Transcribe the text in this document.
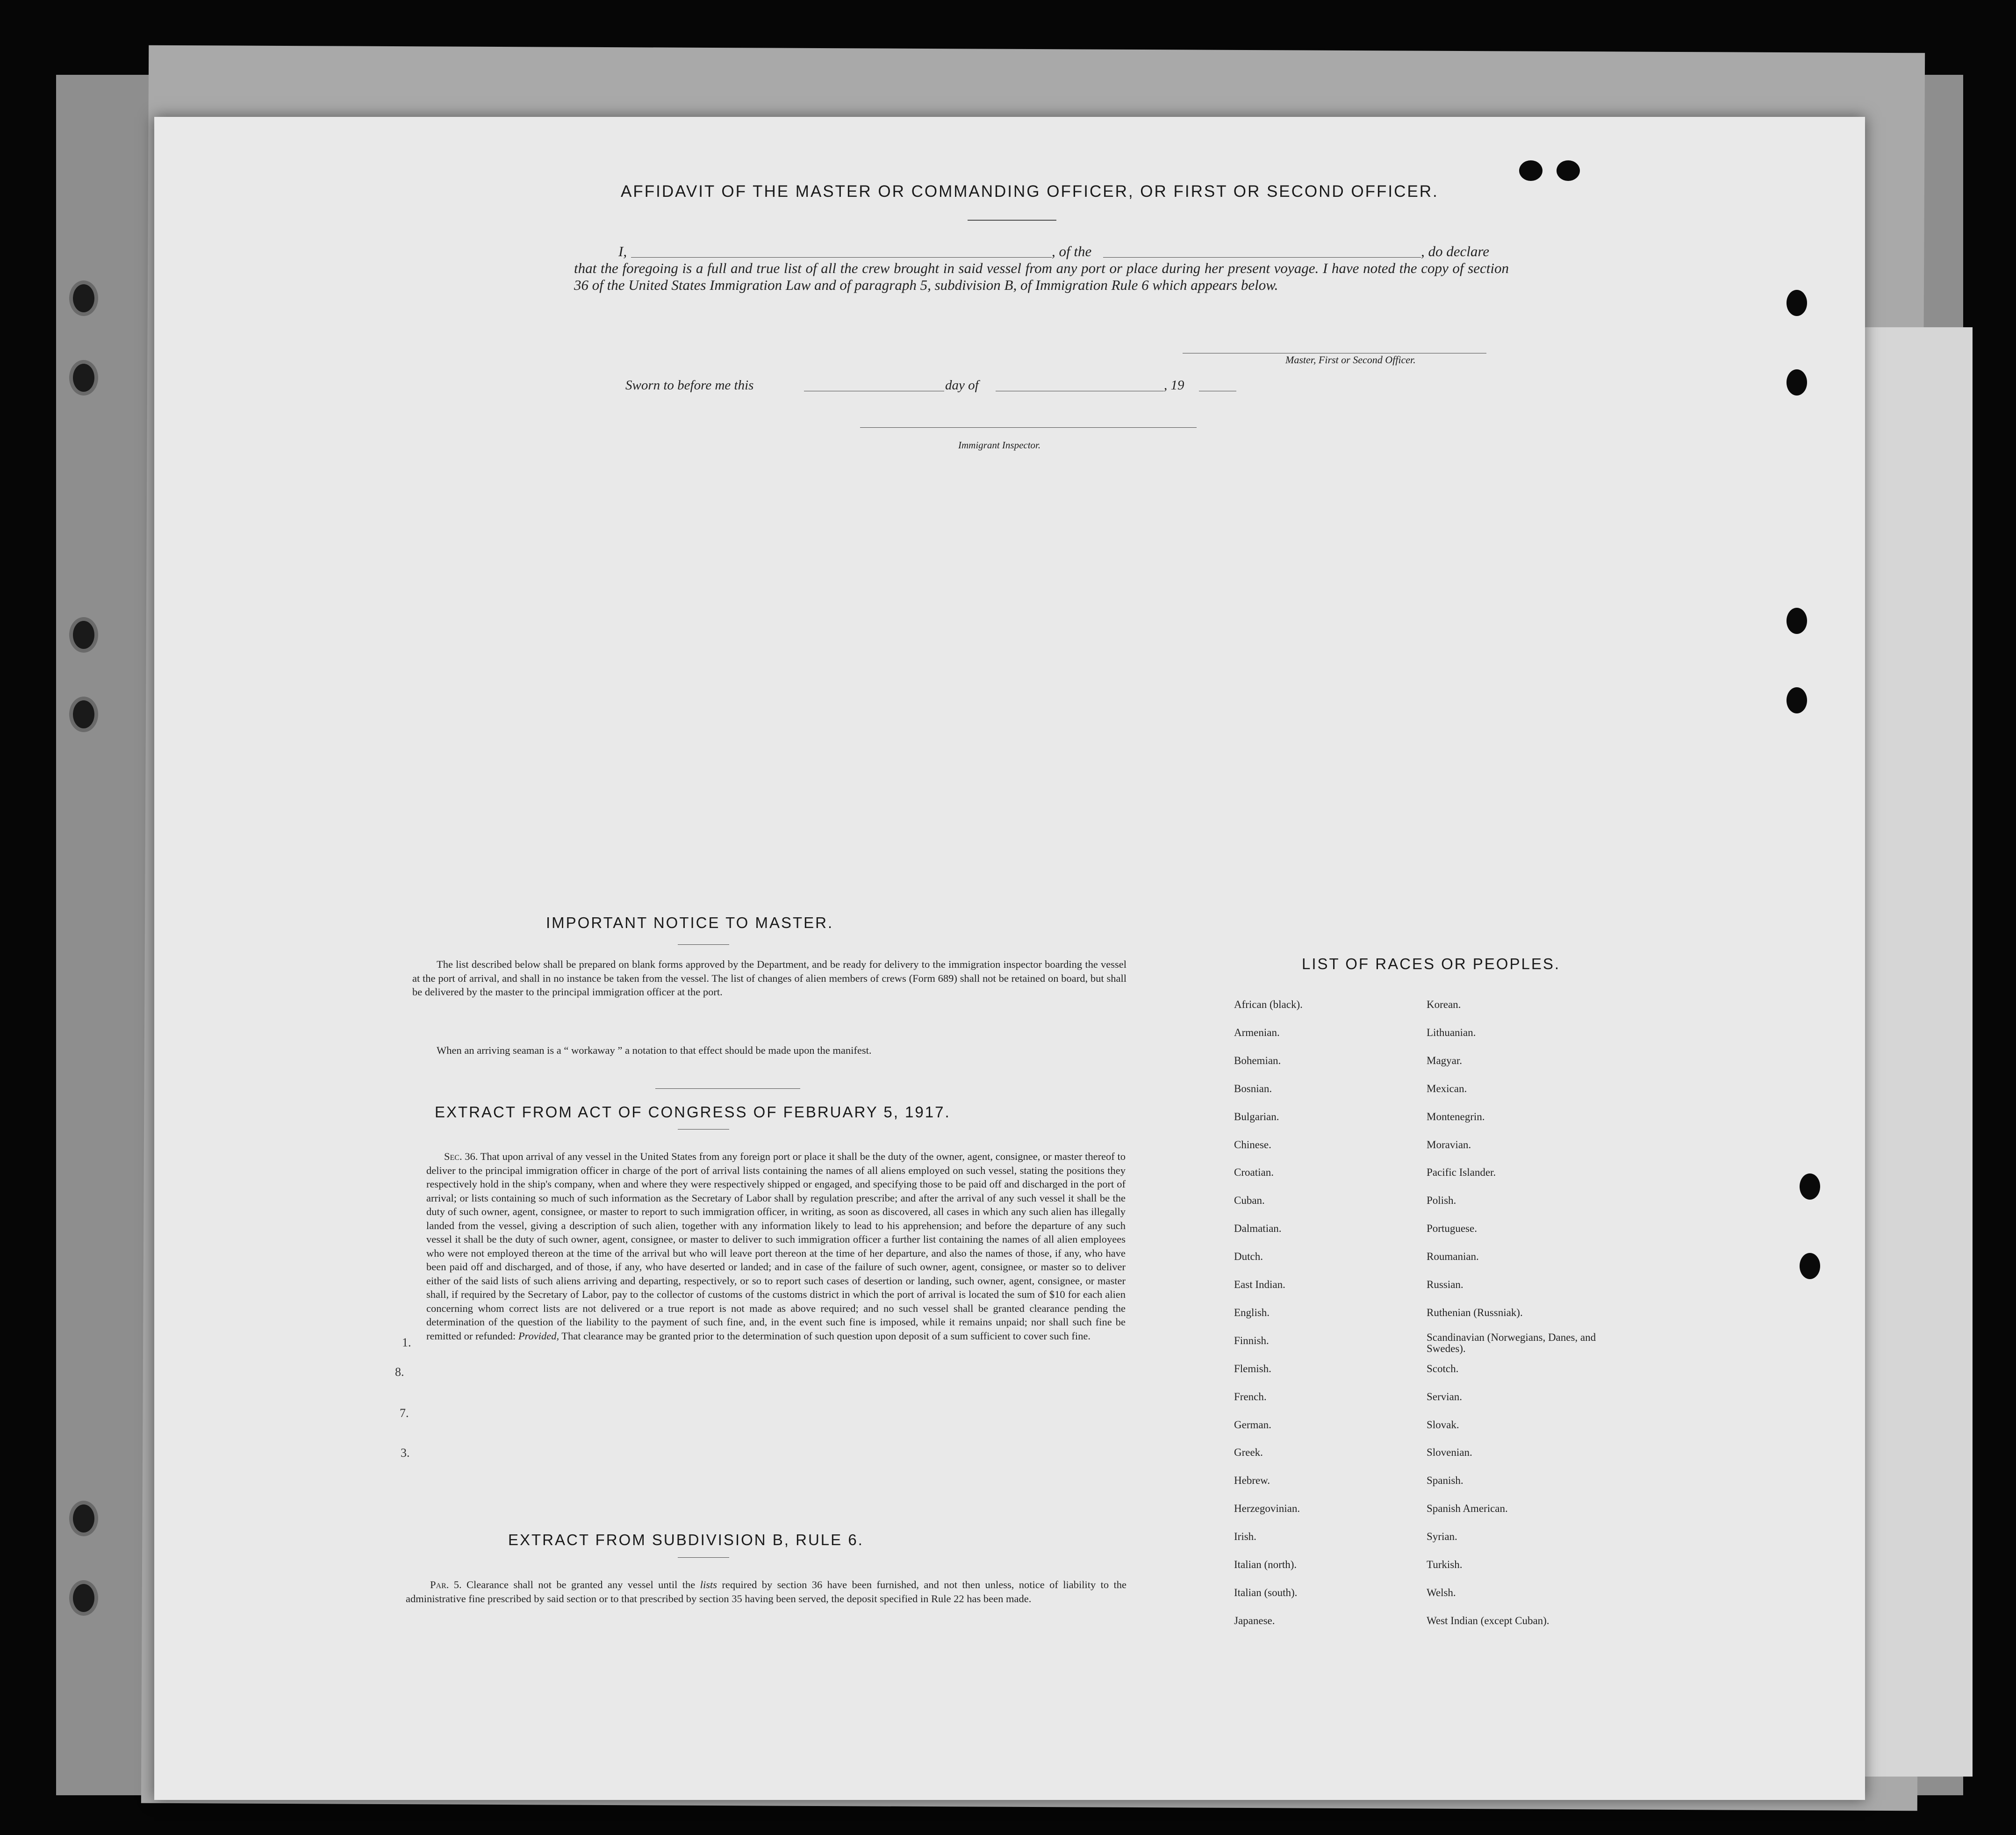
AFFIDAVIT OF THE MASTER OR COMMANDING OFFICER, OR FIRST OR SECOND OFFICER.
I,	, of the	, do declare
that the foregoing is a full and true list of all the crew brought in said vessel from any port or place during her present voyage. I have noted the copy of section 36 of the United States Immigration Law and of paragraph 5, subdivision B, of Immigration Rule 6 which appears below.
Master, First or Second Officer.
Sworn to before me this	day of	, 19
Immigrant Inspector.
IMPORTANT NOTICE TO MASTER.
The list described below shall be prepared on blank forms approved by the Department, and be ready for delivery to the immigration inspector boarding the vessel at the port of arrival, and shall in no instance be taken from the vessel. The list of changes of alien members of crews (Form 689) shall not be retained on board, but shall be delivered by the master to the principal immigration officer at the port.
When an arriving seaman is a “ workaway ” a notation to that effect should be made upon the manifest.
EXTRACT FROM ACT OF CONGRESS OF FEBRUARY 5, 1917.
Sec. 36. That upon arrival of any vessel in the United States from any foreign port or place it shall be the duty of the owner, agent, consignee, or master thereof to deliver to the principal immigration officer in charge of the port of arrival lists containing the names of all aliens employed on such vessel, stating the positions they respectively hold in the ship's company, when and where they were respectively shipped or engaged, and specifying those to be paid off and discharged in the port of arrival; or lists containing so much of such information as the Secretary of Labor shall by regulation prescribe; and after the arrival of any such vessel it shall be the duty of such owner, agent, consignee, or master to report to such immigration officer, in writing, as soon as discovered, all cases in which any such alien has illegally landed from the vessel, giving a description of such alien, together with any information likely to lead to his apprehension; and before the departure of any such vessel it shall be the duty of such owner, agent, consignee, or master to deliver to such immigration officer a further list containing the names of all alien employees who were not employed thereon at the time of the arrival but who will leave port thereon at the time of her departure, and also the names of those, if any, who have been paid off and discharged, and of those, if any, who have deserted or landed; and in case of the failure of such owner, agent, consignee, or master so to deliver either of the said lists of such aliens arriving and departing, respectively, or so to report such cases of desertion or landing, such owner, agent, consignee, or master shall, if required by the Secretary of Labor, pay to the collector of customs of the customs district in which the port of arrival is located the sum of $10 for each alien concerning whom correct lists are not delivered or a true report is not made as above required; and no such vessel shall be granted clearance pending the determination of the question of the liability to the payment of such fine, and, in the event such fine is imposed, while it remains unpaid; nor shall such fine be remitted or refunded: Provided, That clearance may be granted prior to the determination of such question upon deposit of a sum sufficient to cover such fine.
1.
8.
7.
3.
EXTRACT FROM SUBDIVISION B, RULE 6.
Par. 5. Clearance shall not be granted any vessel until the lists required by section 36 have been furnished, and not then unless, notice of liability to the administrative fine prescribed by said section or to that prescribed by section 35 having been served, the deposit specified in Rule 22 has been made.
LIST OF RACES OR PEOPLES.
African (black).
Armenian.
Bohemian.
Bosnian.
Bulgarian.
Chinese.
Croatian.
Cuban.
Dalmatian.
Dutch.
East Indian.
English.
Finnish.
Flemish.
French.
German.
Greek.
Hebrew.
Herzegovinian.
Irish.
Italian (north).
Italian (south).
Japanese.
Korean.
Lithuanian.
Magyar.
Mexican.
Montenegrin.
Moravian.
Pacific Islander.
Polish.
Portuguese.
Roumanian.
Russian.
Ruthenian (Russniak).
Scandinavian (Norwegians, Danes, and Swedes).
Scotch.
Servian.
Slovak.
Slovenian.
Spanish.
Spanish American.
Syrian.
Turkish.
Welsh.
West Indian (except Cuban).
